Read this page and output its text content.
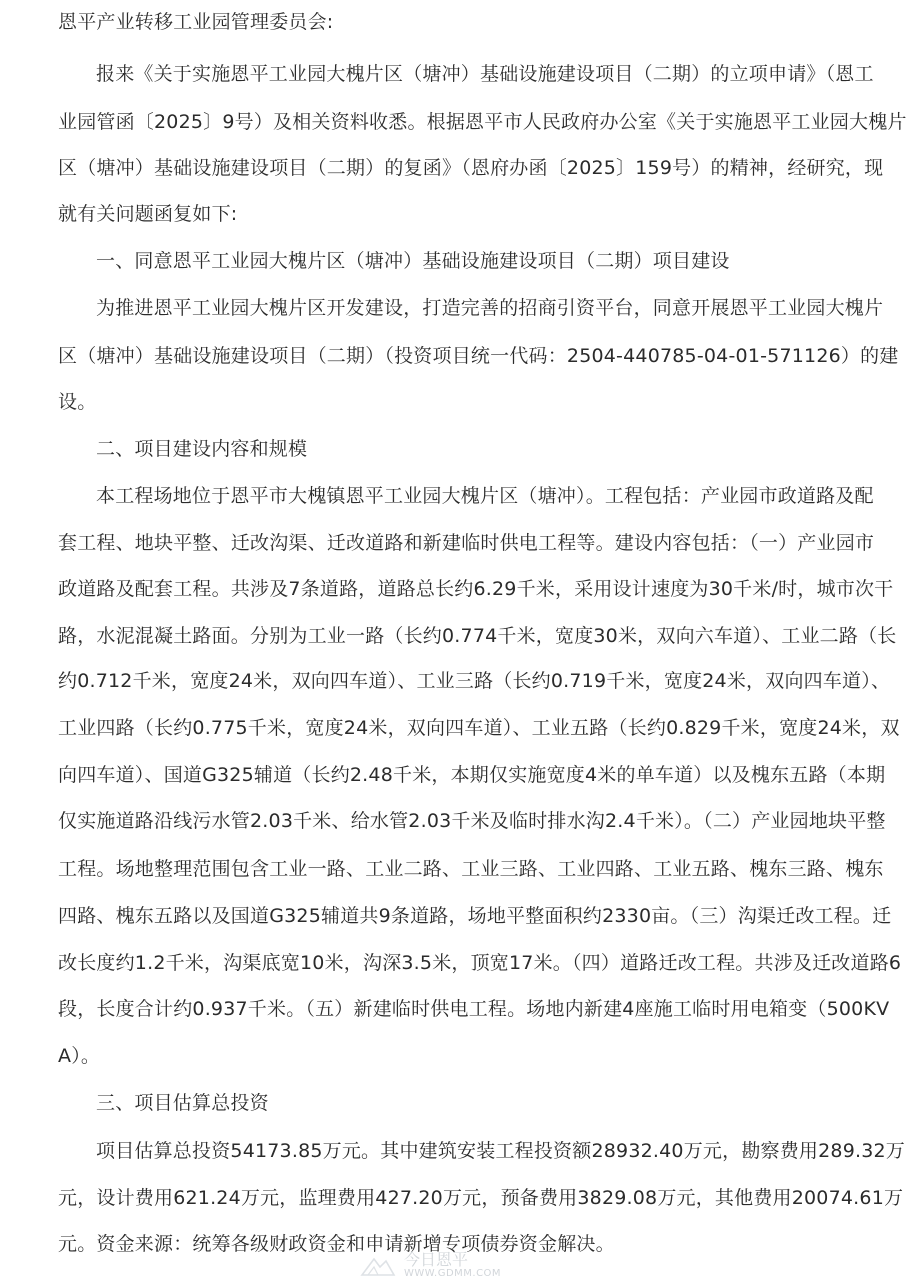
恩平产业转移工业园管理委员会:
报来《关于实施恩平工业园大槐片区（塘冲）基础设施建设项目（二期）的立项申请》（恩工
业园管函〔2025〕9号）及相关资料收悉。根据恩平市人民政府办公室《关于实施恩平工业园大槐片
区（塘冲）基础设施建设项目（二期）的复函》（恩府办函〔2025〕159号）的精神，经研究，现
就有关问题函复如下:
一、同意恩平工业园大槐片区（塘冲）基础设施建设项目（二期）项目建设
为推进恩平工业园大槐片区开发建设，打造完善的招商引资平台，同意开展恩平工业园大槐片
区（塘冲）基础设施建设项目（二期）（投资项目统一代码：2504-440785-04-01-571126）的建
设。
二、项目建设内容和规模
本工程场地位于恩平市大槐镇恩平工业园大槐片区（塘冲）。工程包括：产业园市政道路及配
套工程、地块平整、迁改沟渠、迁改道路和新建临时供电工程等。建设内容包括：（一）产业园市
政道路及配套工程。共涉及7条道路，道路总长约6.29千米，采用设计速度为30千米/时，城市次干
路，水泥混凝土路面。分别为工业一路（长约0.774千米，宽度30米，双向六车道）、工业二路（长
约0.712千米，宽度24米，双向四车道）、工业三路（长约0.719千米，宽度24米，双向四车道）、
工业四路（长约0.775千米，宽度24米，双向四车道）、工业五路（长约0.829千米，宽度24米，双
向四车道）、国道G325辅道（长约2.48千米，本期仅实施宽度4米的单车道）以及槐东五路（本期
仅实施道路沿线污水管2.03千米、给水管2.03千米及临时排水沟2.4千米）。（二）产业园地块平整
工程。场地整理范围包含工业一路、工业二路、工业三路、工业四路、工业五路、槐东三路、槐东
四路、槐东五路以及国道G325辅道共9条道路，场地平整面积约2330亩。（三）沟渠迁改工程。迁
改长度约1.2千米，沟渠底宽10米，沟深3.5米，顶宽17米。（四）道路迁改工程。共涉及迁改道路6
段，长度合计约0.937千米。（五）新建临时供电工程。场地内新建4座施工临时用电箱变（500KV
A）。
三、项目估算总投资
项目估算总投资54173.85万元。其中建筑安装工程投资额28932.40万元，勘察费用289.32万
元，设计费用621.24万元，监理费用427.20万元，预备费用3829.08万元，其他费用20074.61万
元。资金来源：统筹各级财政资金和申请新增专项债券资金解决。
今日恩平
WWW.GDMM.COM
